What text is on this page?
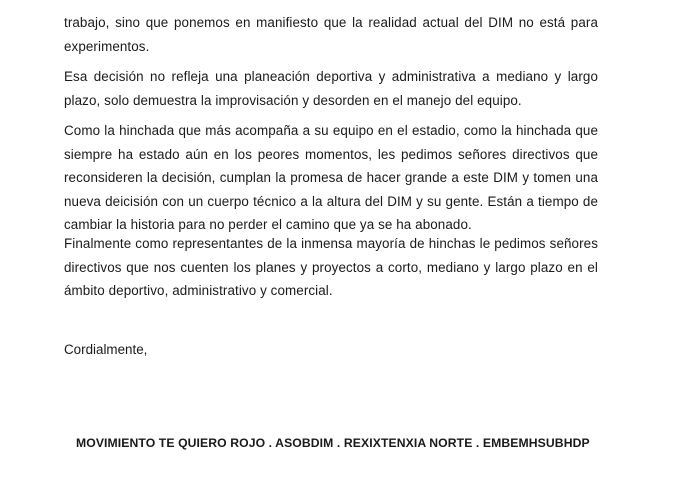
trabajo, sino que ponemos en manifiesto que la realidad actual del DIM no está para experimentos.

Esa decisión no refleja una planeación deportiva y administrativa a mediano y largo plazo, solo demuestra la improvisación y desorden en el manejo del equipo.

Como la hinchada que más acompaña a su equipo en el estadio, como la hinchada que siempre ha estado aún en los peores momentos, les pedimos señores directivos que reconsideren la decisión, cumplan la promesa de hacer grande a este DIM y tomen una nueva deicisión con un cuerpo técnico a la altura del DIM y su gente. Están a tiempo de cambiar la historia para no perder el camino que ya se ha abonado.

Finalmente como representantes de la inmensa mayoría de hinchas le pedimos señores directivos que nos cuenten los planes y proyectos a corto, mediano y largo plazo en el ámbito deportivo, administrativo y comercial.

Cordialmente,

MOVIMIENTO TE QUIERO ROJO . ASOBDIM . REXIXTENXIA NORTE . EMBEMHSUBHDP
